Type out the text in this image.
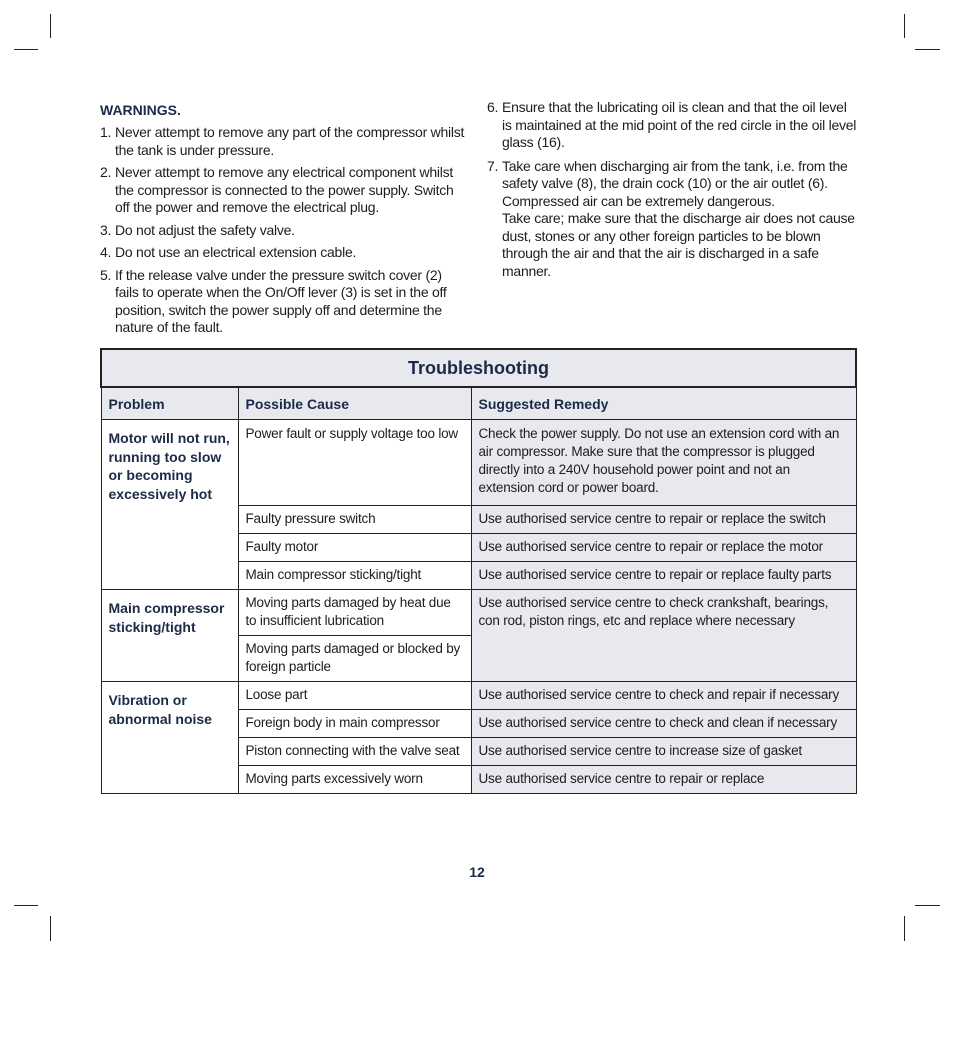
WARNINGS.
1. Never attempt to remove any part of the compressor whilst the tank is under pressure.
2. Never attempt to remove any electrical component whilst the compressor is connected to the power supply. Switch off the power and remove the electrical plug.
3. Do not adjust the safety valve.
4. Do not use an electrical extension cable.
5. If the release valve under the pressure switch cover (2) fails to operate when the On/Off lever (3) is set in the off position, switch the power supply off and determine the nature of the fault.
6. Ensure that the lubricating oil is clean and that the oil level is maintained at the mid point of the red circle in the oil level glass (16).
7. Take care when discharging air from the tank, i.e. from the safety valve (8), the drain cock (10) or the air outlet (6). Compressed air can be extremely dangerous.
Take care; make sure that the discharge air does not cause dust, stones or any other foreign particles to be blown through the air and that the air is discharged in a safe manner.
Troubleshooting		
Problem	Possible Cause	Suggested Remedy
Motor will not run, running too slow or becoming excessively hot	Power fault or supply voltage too low	Check the power supply. Do not use an extension cord with an air compressor. Make sure that the compressor is plugged directly into a 240V household power point and not an extension cord or power board.
	Faulty pressure switch	Use authorised service centre to repair or replace the switch
	Faulty motor	Use authorised service centre to repair or replace the motor
	Main compressor sticking/tight	Use authorised service centre to repair or replace faulty parts
Main compressor sticking/tight	Moving parts damaged by heat due to insufficient lubrication	Use authorised service centre to check crankshaft, bearings, con rod, piston rings, etc and replace where necessary
	Moving parts damaged or blocked by foreign particle	
Vibration or abnormal noise	Loose part	Use authorised service centre to check and repair if necessary
	Foreign body in main compressor	Use authorised service centre to check and clean if necessary
	Piston connecting with the valve seat	Use authorised service centre to increase size of gasket
	Moving parts excessively worn	Use authorised service centre to repair or replace
12
